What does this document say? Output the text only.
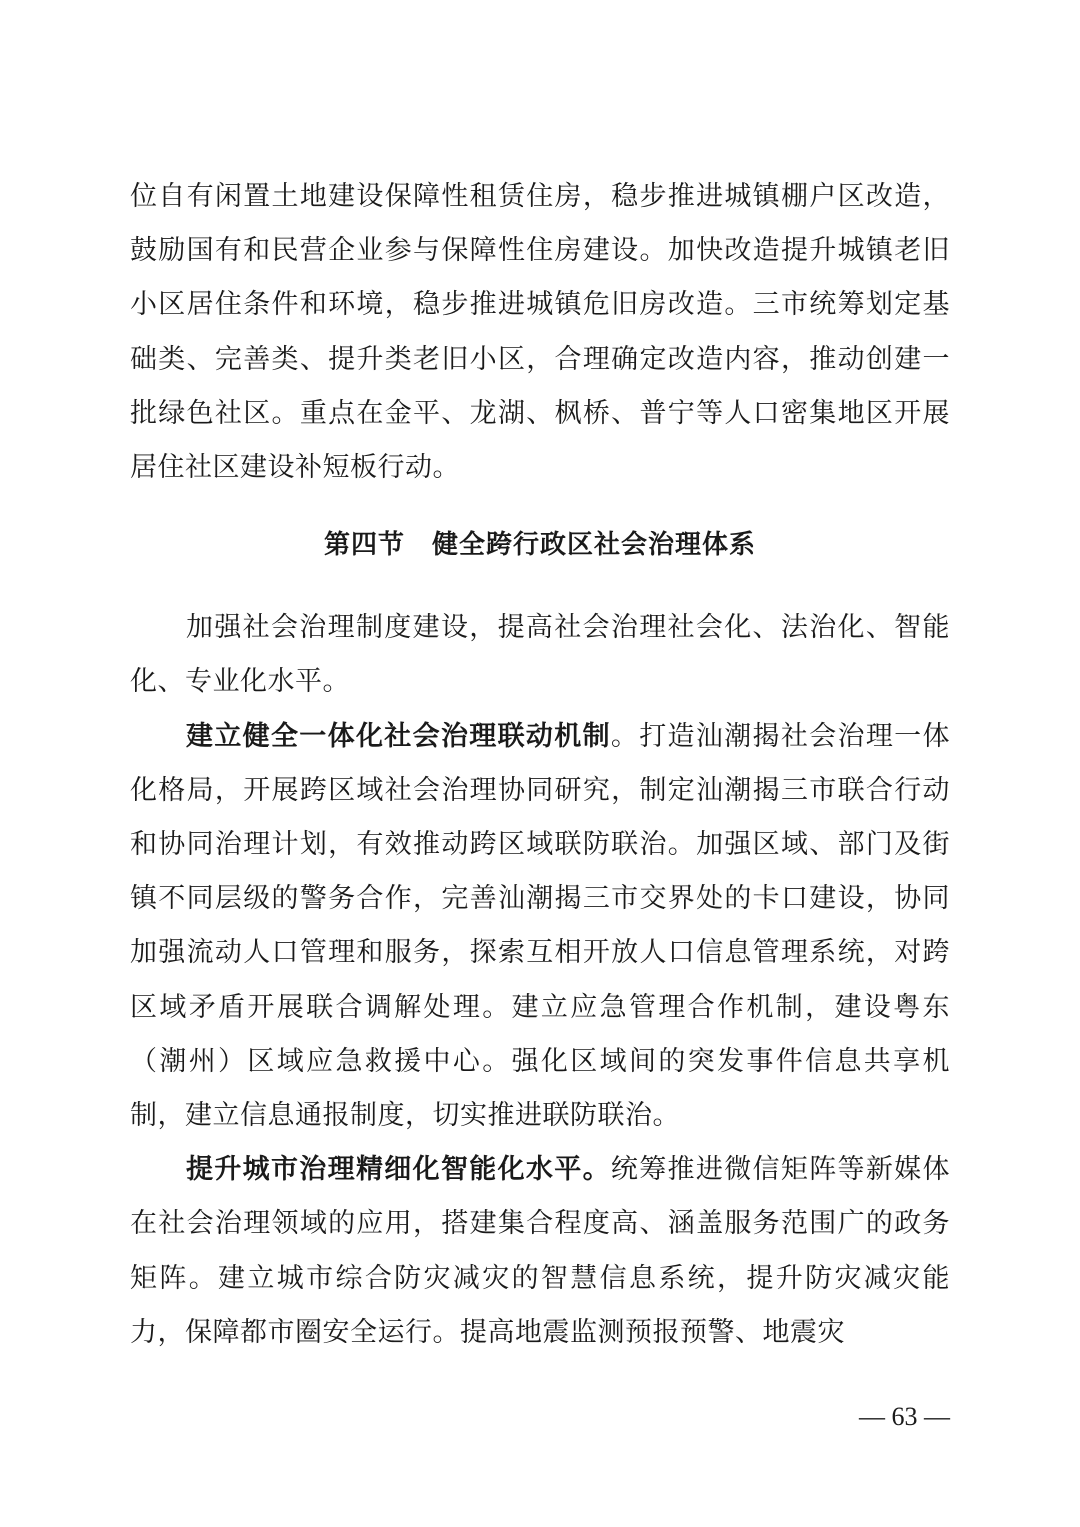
位自有闲置土地建设保障性租赁住房，稳步推进城镇棚户区改造，鼓励国有和民营企业参与保障性住房建设。加快改造提升城镇老旧小区居住条件和环境，稳步推进城镇危旧房改造。三市统筹划定基础类、完善类、提升类老旧小区，合理确定改造内容，推动创建一批绿色社区。重点在金平、龙湖、枫桥、普宁等人口密集地区开展居住社区建设补短板行动。

第四节　健全跨行政区社会治理体系

加强社会治理制度建设，提高社会治理社会化、法治化、智能化、专业化水平。

建立健全一体化社会治理联动机制。打造汕潮揭社会治理一体化格局，开展跨区域社会治理协同研究，制定汕潮揭三市联合行动和协同治理计划，有效推动跨区域联防联治。加强区域、部门及街镇不同层级的警务合作，完善汕潮揭三市交界处的卡口建设，协同加强流动人口管理和服务，探索互相开放人口信息管理系统，对跨区域矛盾开展联合调解处理。建立应急管理合作机制，建设粤东（潮州）区域应急救援中心。强化区域间的突发事件信息共享机制，建立信息通报制度，切实推进联防联治。

提升城市治理精细化智能化水平。统筹推进微信矩阵等新媒体在社会治理领域的应用，搭建集合程度高、涵盖服务范围广的政务矩阵。建立城市综合防灾减灾的智慧信息系统，提升防灾减灾能力，保障都市圈安全运行。提高地震监测预报预警、地震灾

— 63 —
